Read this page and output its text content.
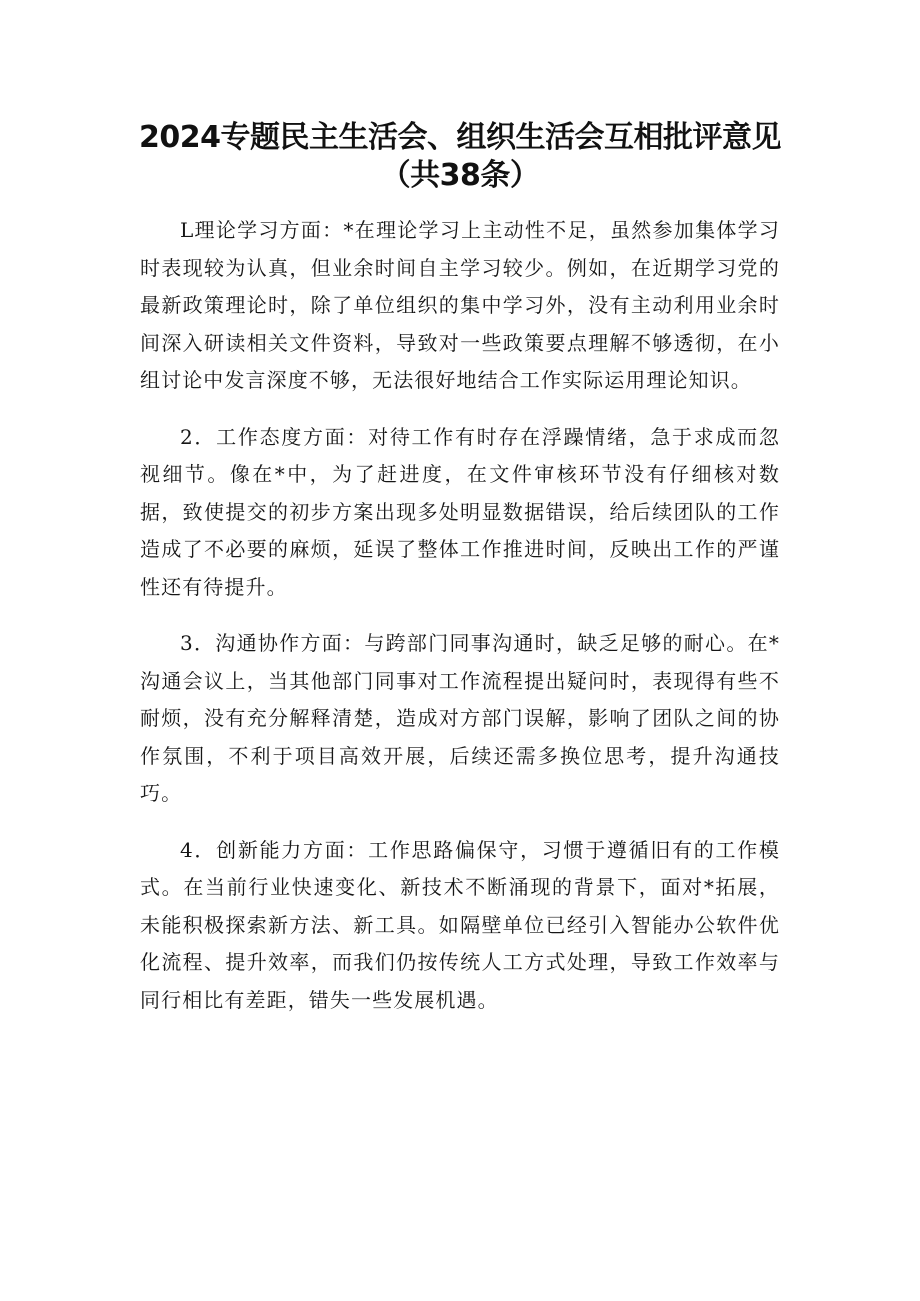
2024专题民主生活会、组织生活会互相批评意见
（共38条）

L理论学习方面：*在理论学习上主动性不足，虽然参加集体学习时表现较为认真，但业余时间自主学习较少。例如，在近期学习党的最新政策理论时，除了单位组织的集中学习外，没有主动利用业余时间深入研读相关文件资料，导致对一些政策要点理解不够透彻，在小组讨论中发言深度不够，无法很好地结合工作实际运用理论知识。

2．工作态度方面：对待工作有时存在浮躁情绪，急于求成而忽视细节。像在*中，为了赶进度，在文件审核环节没有仔细核对数据，致使提交的初步方案出现多处明显数据错误，给后续团队的工作造成了不必要的麻烦，延误了整体工作推进时间，反映出工作的严谨性还有待提升。

3．沟通协作方面：与跨部门同事沟通时，缺乏足够的耐心。在*沟通会议上，当其他部门同事对工作流程提出疑问时，表现得有些不耐烦，没有充分解释清楚，造成对方部门误解，影响了团队之间的协作氛围，不利于项目高效开展，后续还需多换位思考，提升沟通技巧。

4．创新能力方面：工作思路偏保守，习惯于遵循旧有的工作模式。在当前行业快速变化、新技术不断涌现的背景下，面对*拓展，未能积极探索新方法、新工具。如隔壁单位已经引入智能办公软件优化流程、提升效率，而我们仍按传统人工方式处理，导致工作效率与同行相比有差距，错失一些发展机遇。
